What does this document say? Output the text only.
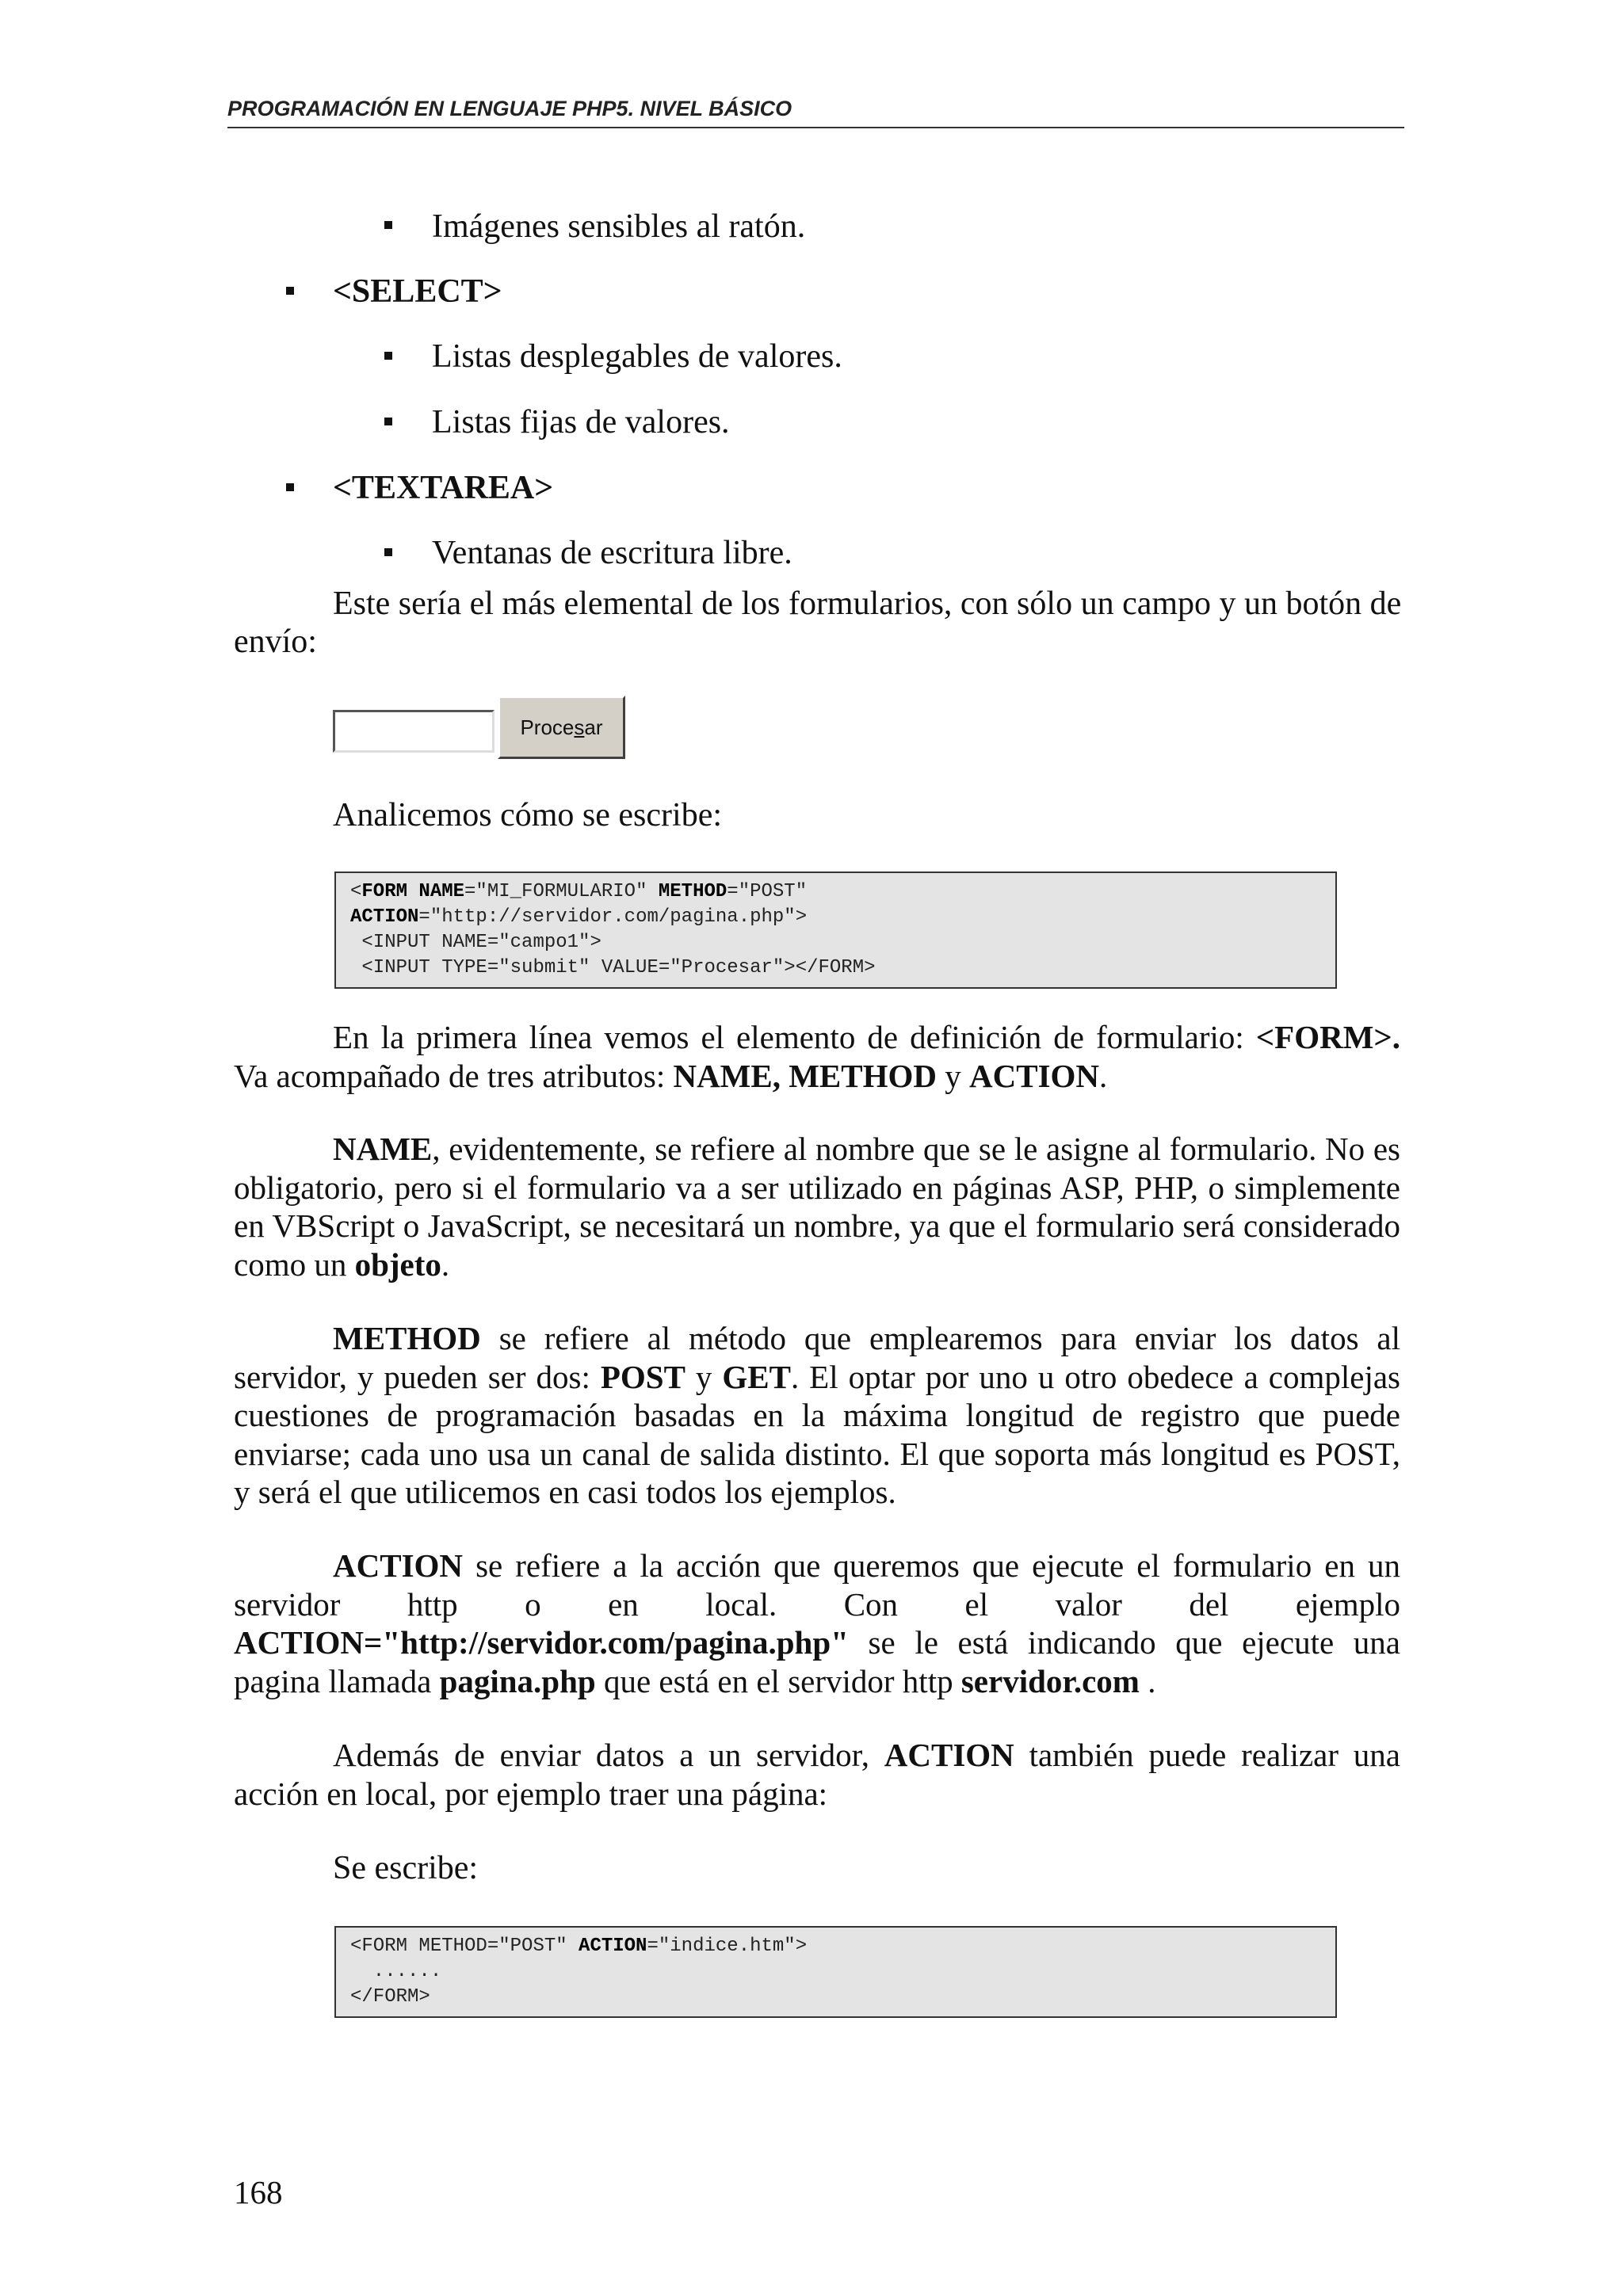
PROGRAMACIÓN EN LENGUAJE PHP5. NIVEL BÁSICO
Imágenes sensibles al ratón.
<SELECT>
Listas desplegables de valores.
Listas fijas de valores.
<TEXTAREA>
Ventanas de escritura libre.
Este sería el más elemental de los formularios, con sólo un campo y un botón de
envío:
Procesar
Analicemos cómo se escribe:
<FORM NAME="MI_FORMULARIO" METHOD="POST"
ACTION="http://servidor.com/pagina.php">
<INPUT NAME="campo1">
<INPUT TYPE="submit" VALUE="Procesar"></FORM>
En la primera línea vemos el elemento de definición de formulario: <FORM>. Va acompañado de tres atributos: NAME, METHOD y ACTION.
NAME, evidentemente, se refiere al nombre que se le asigne al formulario. No es obligatorio, pero si el formulario va a ser utilizado en páginas ASP, PHP, o simplemente en VBScript o JavaScript, se necesitará un nombre, ya que el formulario será considerado como un objeto.
METHOD se refiere al método que emplearemos para enviar los datos al servidor, y pueden ser dos: POST y GET. El optar por uno u otro obedece a complejas cuestiones de programación basadas en la máxima longitud de registro que puede enviarse; cada uno usa un canal de salida distinto. El que soporta más longitud es POST, y será el que utilicemos en casi todos los ejemplos.
ACTION se refiere a la acción que queremos que ejecute el formulario en un servidor http o en local. Con el valor del ejemplo ACTION="http://servidor.com/pagina.php" se le está indicando que ejecute una pagina llamada pagina.php que está en el servidor http servidor.com .
Además de enviar datos a un servidor, ACTION también puede realizar una acción en local, por ejemplo traer una página:
Se escribe:
<FORM METHOD="POST" ACTION="indice.htm">
......
</FORM>
168
